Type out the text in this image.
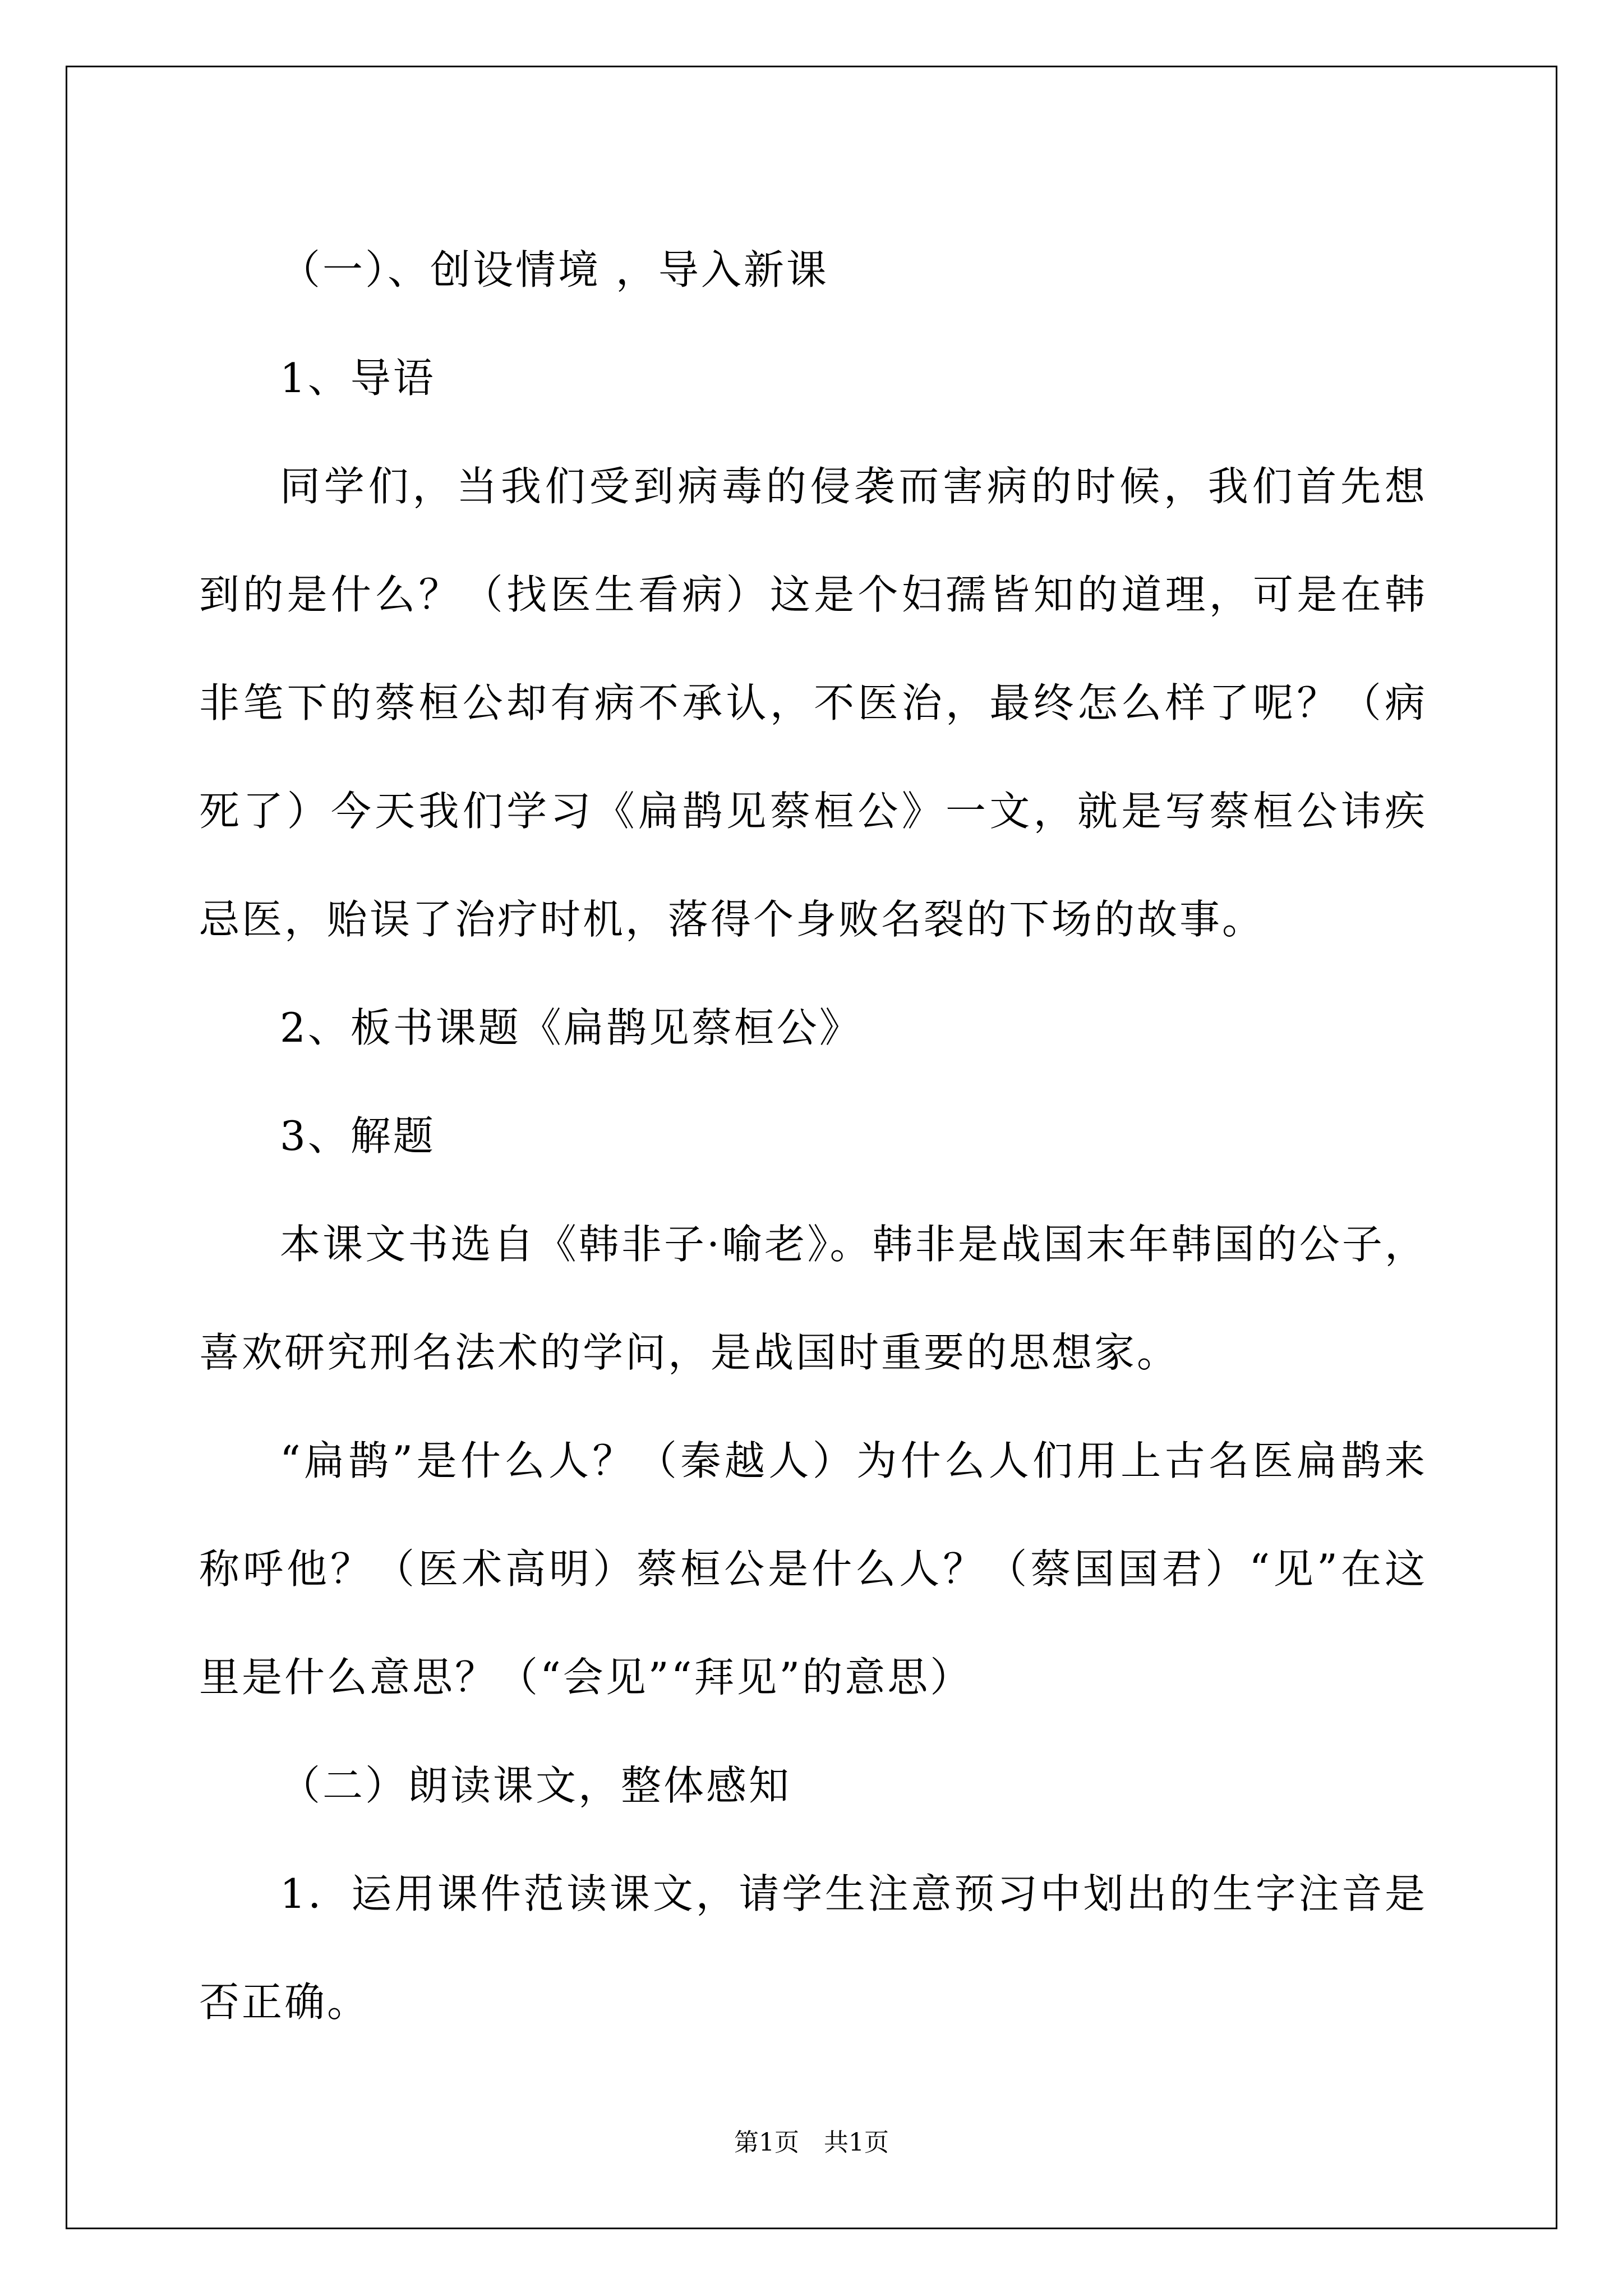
（一）、创设情境 ，导入新课

1、导语

同学们，当我们受到病毒的侵袭而害病的时候，我们首先想到的是什么？（找医生看病）这是个妇孺皆知的道理，可是在韩非笔下的蔡桓公却有病不承认，不医治，最终怎么样了呢？（病死了）今天我们学习《扁鹊见蔡桓公》一文，就是写蔡桓公讳疾忌医，贻误了治疗时机，落得个身败名裂的下场的故事。

2、板书课题《扁鹊见蔡桓公》

3、解题

本课文书选自《韩非子·喻老》。韩非是战国末年韩国的公子，喜欢研究刑名法术的学问，是战国时重要的思想家。

“扁鹊”是什么人？（秦越人）为什么人们用上古名医扁鹊来称呼他？（医术高明）蔡桓公是什么人？（蔡国国君）“见”在这里是什么意思？（“会见”“拜见”的意思）

（二）朗读课文，整体感知

1．运用课件范读课文，请学生注意预习中划出的生字注音是否正确。

第1页　共1页
